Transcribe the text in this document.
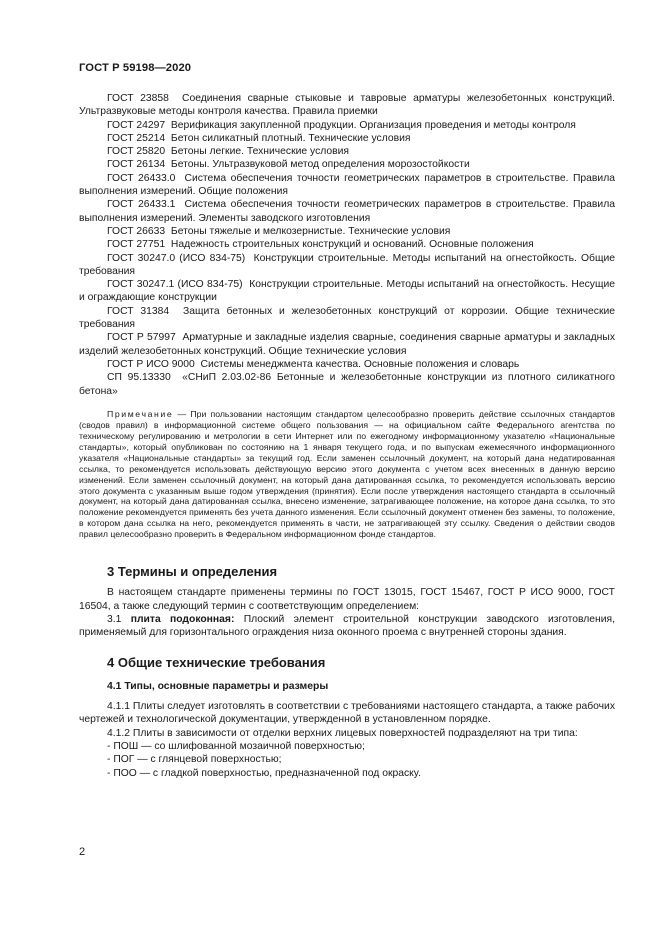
ГОСТ Р 59198—2020

ГОСТ 23858 Соединения сварные стыковые и тавровые арматуры железобетонных конструкций. Ультразвуковые методы контроля качества. Правила приемки

ГОСТ 24297 Верификация закупленной продукции. Организация проведения и методы контроля

ГОСТ 25214 Бетон силикатный плотный. Технические условия

ГОСТ 25820 Бетоны легкие. Технические условия

ГОСТ 26134 Бетоны. Ультразвуковой метод определения морозостойкости

ГОСТ 26433.0 Система обеспечения точности геометрических параметров в строительстве. Правила выполнения измерений. Общие положения

ГОСТ 26433.1 Система обеспечения точности геометрических параметров в строительстве. Правила выполнения измерений. Элементы заводского изготовления

ГОСТ 26633 Бетоны тяжелые и мелкозернистые. Технические условия

ГОСТ 27751 Надежность строительных конструкций и оснований. Основные положения

ГОСТ 30247.0 (ИСО 834-75) Конструкции строительные. Методы испытаний на огнестойкость. Общие требования

ГОСТ 30247.1 (ИСО 834-75) Конструкции строительные. Методы испытаний на огнестойкость. Несущие и ограждающие конструкции

ГОСТ 31384 Защита бетонных и железобетонных конструкций от коррозии. Общие технические требования

ГОСТ Р 57997 Арматурные и закладные изделия сварные, соединения сварные арматуры и закладных изделий железобетонных конструкций. Общие технические условия

ГОСТ Р ИСО 9000 Системы менеджмента качества. Основные положения и словарь

СП 95.13330 «СНиП 2.03.02-86 Бетонные и железобетонные конструкции из плотного силикатного бетона»

Примечание — При пользовании настоящим стандартом целесообразно проверить действие ссылочных стандартов (сводов правил) в информационной системе общего пользования — на официальном сайте Федерального агентства по техническому регулированию и метрологии в сети Интернет или по ежегодному информационному указателю «Национальные стандарты», который опубликован по состоянию на 1 января текущего года, и по выпускам ежемесячного информационного указателя «Национальные стандарты» за текущий год. Если заменен ссылочный документ, на который дана недатированная ссылка, то рекомендуется использовать действующую версию этого документа с учетом всех внесенных в данную версию изменений. Если заменен ссылочный документ, на который дана датированная ссылка, то рекомендуется использовать версию этого документа с указанным выше годом утверждения (принятия). Если после утверждения настоящего стандарта в ссылочный документ, на который дана датированная ссылка, внесено изменение, затрагивающее положение, на которое дана ссылка, то это положение рекомендуется применять без учета данного изменения. Если ссылочный документ отменен без замены, то положение, в котором дана ссылка на него, рекомендуется применять в части, не затрагивающей эту ссылку. Сведения о действии сводов правил целесообразно проверить в Федеральном информационном фонде стандартов.

3 Термины и определения

В настоящем стандарте применены термины по ГОСТ 13015, ГОСТ 15467, ГОСТ Р ИСО 9000, ГОСТ 16504, а также следующий термин с соответствующим определением:

3.1 плита подоконная: Плоский элемент строительной конструкции заводского изготовления, применяемый для горизонтального ограждения низа оконного проема с внутренней стороны здания.

4 Общие технические требования
4.1 Типы, основные параметры и размеры

4.1.1 Плиты следует изготовлять в соответствии с требованиями настоящего стандарта, а также рабочих чертежей и технологической документации, утвержденной в установленном порядке.

4.1.2 Плиты в зависимости от отделки верхних лицевых поверхностей подразделяют на три типа:

- ПОШ — со шлифованной мозаичной поверхностью;

- ПОГ — с глянцевой поверхностью;

- ПОО — с гладкой поверхностью, предназначенной под окраску.

2
